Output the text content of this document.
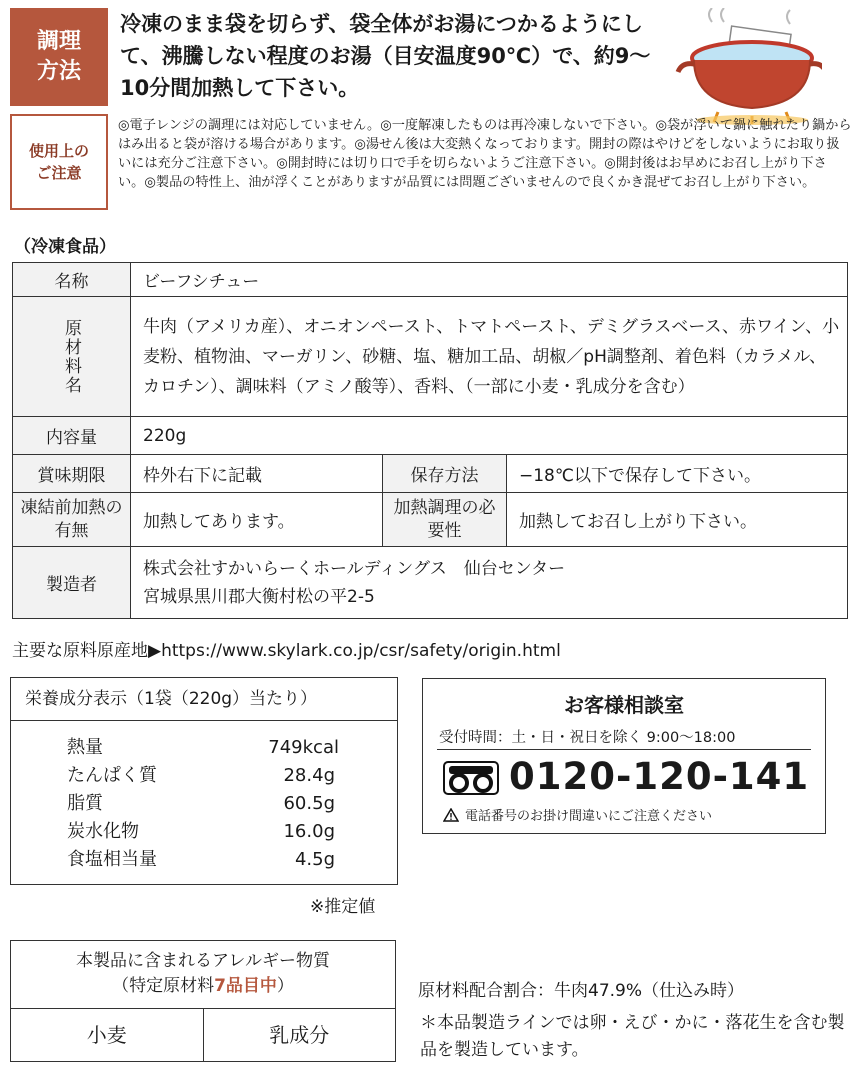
調理
方法
冷凍のまま袋を切らず、袋全体がお湯につかるようにして、沸騰しない程度のお湯（目安温度90℃）で、約9〜10分間加熱して下さい。
使用上の
ご注意
◎電子レンジの調理には対応していません。◎一度解凍したものは再冷凍しないで下さい。◎袋が浮いて鍋に触れたり鍋からはみ出ると袋が溶ける場合があります。◎湯せん後は大変熱くなっております。開封の際はやけどをしないようにお取り扱いには充分ご注意下さい。◎開封時には切り口で手を切らないようご注意下さい。◎開封後はお早めにお召し上がり下さい。◎製品の特性上、油が浮くことがありますが品質には問題ございませんので良くかき混ぜてお召し上がり下さい。
（冷凍食品）
名称	ビーフシチュー		

原材料名	牛肉（アメリカ産）、オニオンペースト、トマトペースト、デミグラスベース、赤ワイン、小麦粉、植物油、マーガリン、砂糖、塩、糖加工品、胡椒／pH調整剤、着色料（カラメル、カロチン）、調味料（アミノ酸等）、香料、（一部に小麦・乳成分を含む）		
内容量	220g		
賞味期限	枠外右下に記載	保存方法	−18℃以下で保存して下さい。
凍結前加熱の有無	加熱してあります。	加熱調理の必要性	加熱してお召し上がり下さい。
製造者	株式会社すかいらーくホールディングス　仙台センター
宮城県黒川郡大衡村松の平2-5		
主要な原料原産地▶https://www.skylark.co.jp/csr/safety/origin.html
栄養成分表示（1袋（220g）当たり）
熱量	749kcal
たんぱく質	28.4g
脂質	60.5g
炭水化物	16.0g
食塩相当量	4.5g
※推定値
お客様相談室
受付時間：土・日・祝日を除く 9:00〜18:00
0120-120-141
電話番号のお掛け間違いにご注意ください
本製品に含まれるアレルギー物質
（特定原材料7品目中）
小麦	乳成分
原材料配合割合：牛肉47.9%（仕込み時）
＊本品製造ラインでは卵・えび・かに・落花生を含む製品を製造しています。
